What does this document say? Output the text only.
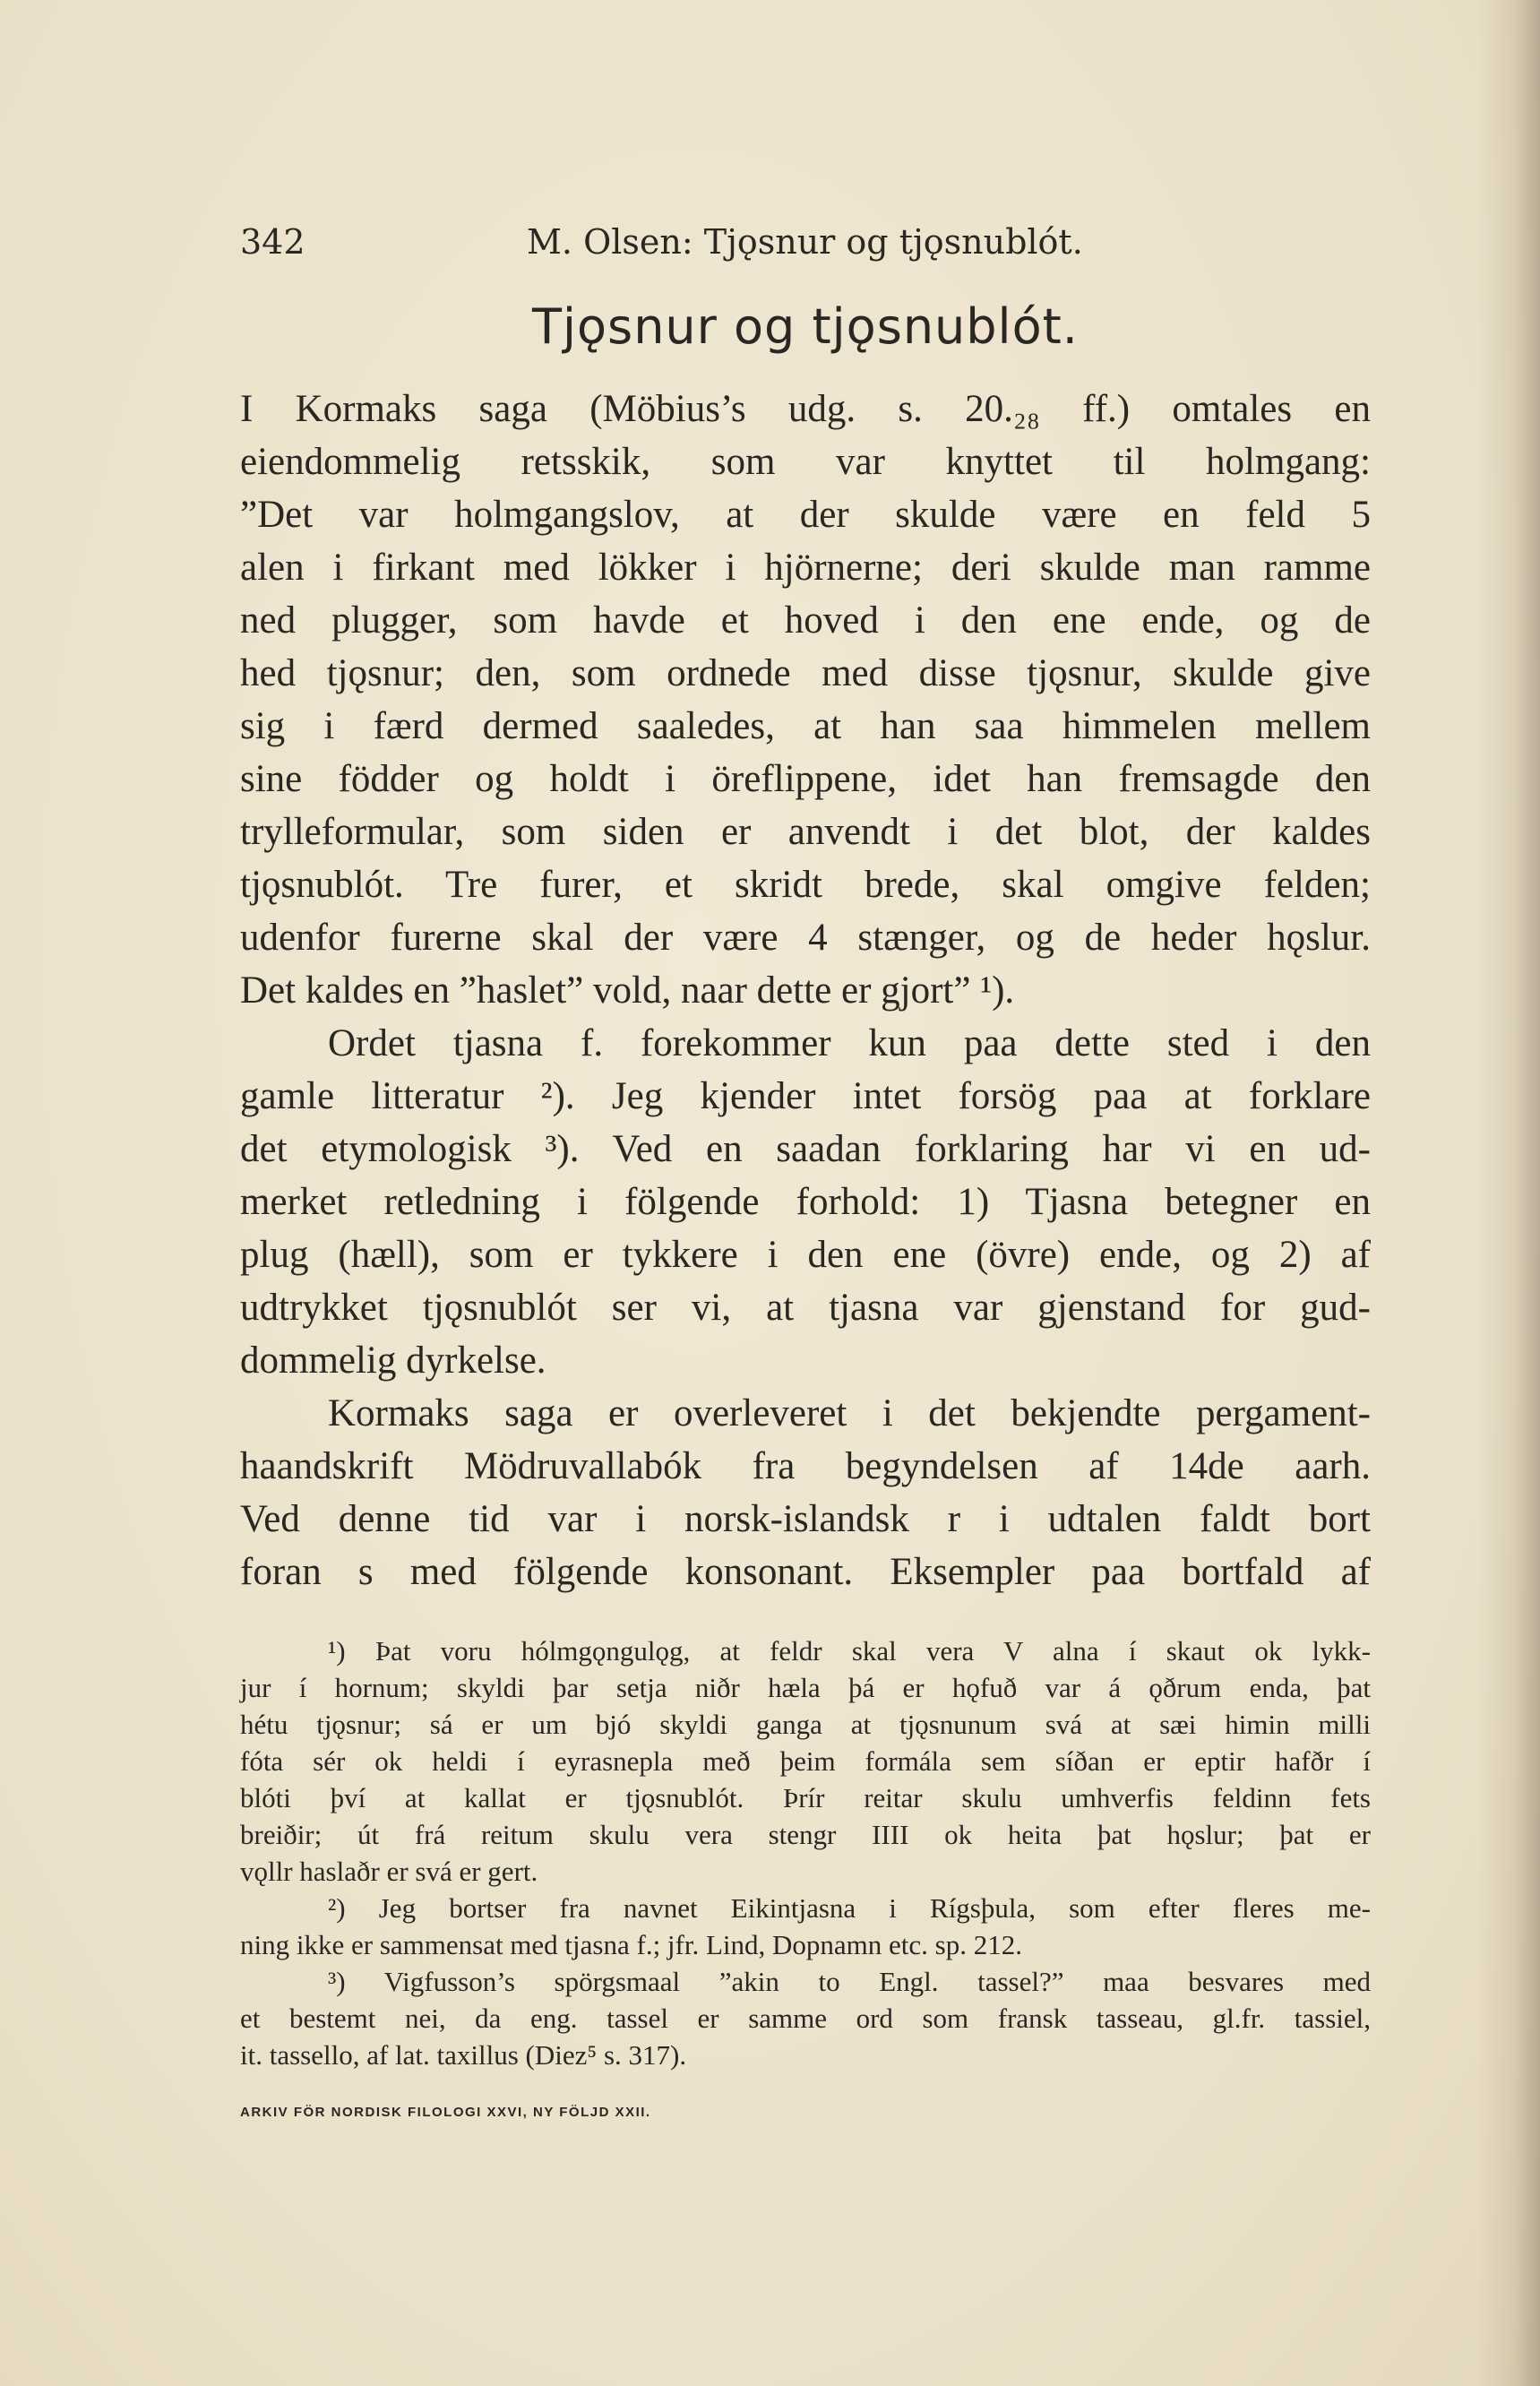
342	M. Olsen: Tjǫsnur og tjǫsnublót.
Tjǫsnur og tjǫsnublót.
I Kormaks saga (Möbius’s udg. s. 20.₂₈ ff.) omtales en
eiendommelig retsskik, som var knyttet til holmgang:
”Det var holmgangslov, at der skulde være en feld 5
alen i firkant med lökker i hjörnerne; deri skulde man ramme
ned plugger, som havde et hoved i den ene ende, og de
hed tjǫsnur; den, som ordnede med disse tjǫsnur, skulde give
sig i færd dermed saaledes, at han saa himmelen mellem
sine födder og holdt i öreflippene, idet han fremsagde den
trylleformular, som siden er anvendt i det blot, der kaldes
tjǫsnublót. Tre furer, et skridt brede, skal omgive felden;
udenfor furerne skal der være 4 stænger, og de heder hǫslur.
Det kaldes en ”haslet” vold, naar dette er gjort” ¹).
Ordet tjasna f. forekommer kun paa dette sted i den
gamle litteratur ²). Jeg kjender intet forsög paa at forklare
det etymologisk ³). Ved en saadan forklaring har vi en ud-
merket retledning i fölgende forhold: 1) Tjasna betegner en
plug (hæll), som er tykkere i den ene (övre) ende, og 2) af
udtrykket tjǫsnublót ser vi, at tjasna var gjenstand for gud-
dommelig dyrkelse.
Kormaks saga er overleveret i det bekjendte pergament-
haandskrift Mödruvallabók fra begyndelsen af 14de aarh.
Ved denne tid var i norsk-islandsk r i udtalen faldt bort
foran s med fölgende konsonant. Eksempler paa bortfald af
¹) Þat voru hólmgǫngulǫg, at feldr skal vera V alna í skaut ok lykk-
jur í hornum; skyldi þar setja niðr hæla þá er hǫfuð var á ǫðrum enda, þat
hétu tjǫsnur; sá er um bjó skyldi ganga at tjǫsnunum svá at sæi himin milli
fóta sér ok heldi í eyrasnepla með þeim formála sem síðan er eptir hafðr í
blóti því at kallat er tjǫsnublót. Þrír reitar skulu umhverfis feldinn fets
breiðir; út frá reitum skulu vera stengr IIII ok heita þat hǫslur; þat er
vǫllr haslaðr er svá er gert.
²) Jeg bortser fra navnet Eikintjasna i Rígsþula, som efter fleres me-
ning ikke er sammensat med tjasna f.; jfr. Lind, Dopnamn etc. sp. 212.
³) Vigfusson’s spörgsmaal ”akin to Engl. tassel?” maa besvares med
et bestemt nei, da eng. tassel er samme ord som fransk tasseau, gl.fr. tassiel,
it. tassello, af lat. taxillus (Diez⁵ s. 317).
ARKIV FÖR NORDISK FILOLOGI XXVI, NY FÖLJD XXII.
